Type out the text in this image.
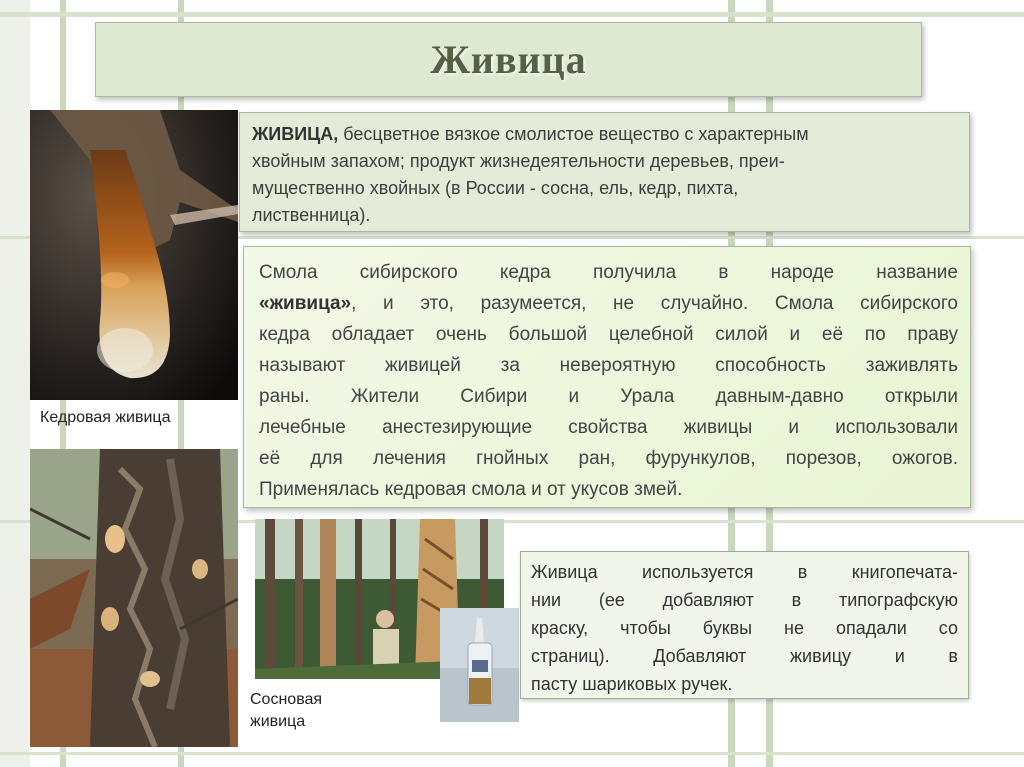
Живица
Кедровая живица
Сосновая
живица
ЖИВИЦА, бесцветное вязкое смолистое вещество с характерным
хвойным запахом; продукт жизнедеятельности деревьев, преи-
мущественно хвойных (в России - сосна, ель, кедр, пихта,
лиственница).
Смола сибирского кедра получила в народе название
«живица», и это, разумеется, не случайно. Смола сибирского
кедра обладает очень большой целебной силой и её по праву
называют живицей за невероятную способность заживлять
раны. Жители Сибири и Урала давным-давно открыли
лечебные анестезирующие свойства живицы и использовали
её для лечения гнойных ран, фурункулов, порезов, ожогов.
Применялась кедровая смола и от укусов змей.
Живица используется в книгопечата-
нии (ее добавляют в типографскую
краску, чтобы буквы не опадали со
страниц). Добавляют живицу и в
пасту шариковых ручек.
